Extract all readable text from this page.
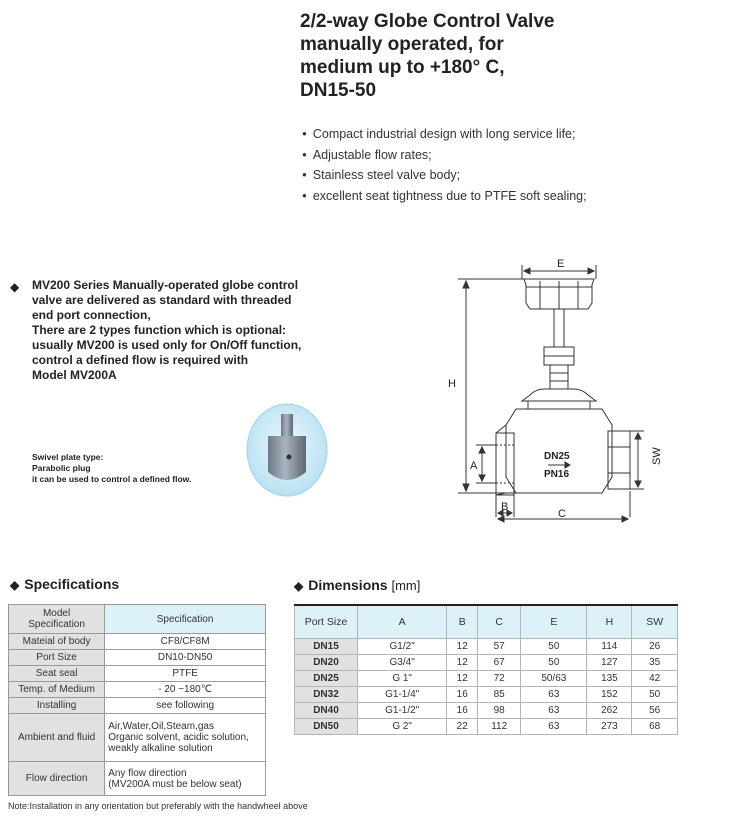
2/2-way Globe Control Valve
manually operated, for
medium up to +180° C,
DN15-50
● Compact industrial design with long service life;
● Adjustable flow rates;
● Stainless steel valve body;
● excellent seat tightness due to PTFE soft sealing;
◆ MV200 Series Manually-operated globe control
valve are delivered as standard with threaded
end port connection,
There are 2 types function which is optional:
usually MV200 is used only for On/Off function,
control a defined flow is required with
Model MV200A
Swivel plate type:
Parabolic plug
it can be used to control a defined flow.
E
H
A
SW
B
C
DN25
PN16
◆ Specifications
Model
Specification	Specification
Mateial of body	CF8/CF8M
Port Size	DN10-DN50
Seat seal	PTFE
Temp. of Medium	- 20 ~180℃
Installing	see following
Ambient and fluid	Air,Water,Oil,Steam,gas
Organic solvent, acidic solution,
weakly alkaline solution

Flow direction	Any flow direction
(MV200A must be below seat)
◆ Dimensions [mm]
Port Size	A	B	C	E	H	SW
DN15	G1/2"	12	57	50	114	26
DN20	G3/4"	12	67	50	127	35
DN25	G 1"	12	72	50/63	135	42
DN32	G1-1/4"	16	85	63	152	50
DN40	G1-1/2"	16	98	63	262	56
DN50	G 2"	22	112	63	273	68
Note:Installation in any orientation but preferably with the handwheel above
